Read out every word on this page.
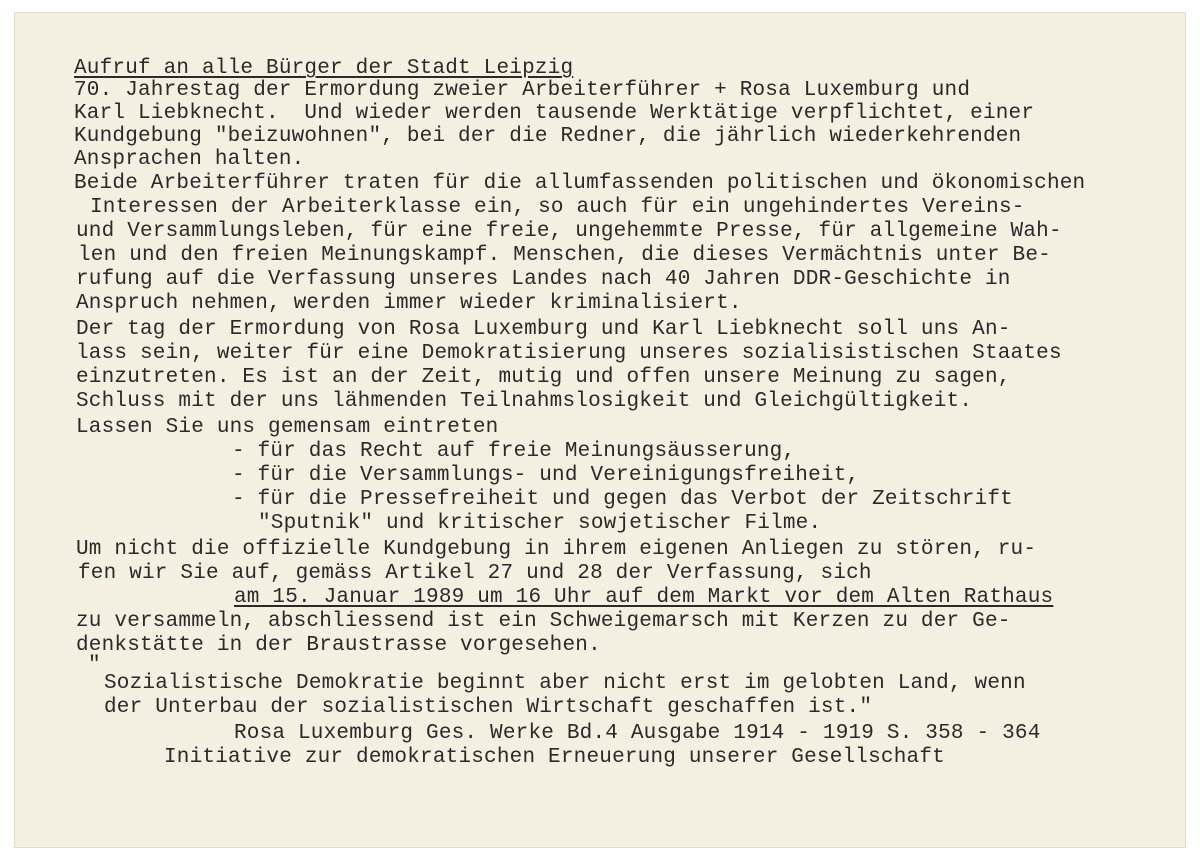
Aufruf an alle Bürger der Stadt Leipzig
70. Jahrestag der Ermordung zweier Arbeiterführer + Rosa Luxemburg und
Karl Liebknecht.  Und wieder werden tausende Werktätige verpflichtet, einer
Kundgebung "beizuwohnen", bei der die Redner, die jährlich wiederkehrenden
Ansprachen halten.
Beide Arbeiterführer traten für die allumfassenden politischen und ökonomischen
Interessen der Arbeiterklasse ein, so auch für ein ungehindertes Vereins-
und Versammlungsleben, für eine freie, ungehemmte Presse, für allgemeine Wah-
len und den freien Meinungskampf. Menschen, die dieses Vermächtnis unter Be-
rufung auf die Verfassung unseres Landes nach 40 Jahren DDR-Geschichte in
Anspruch nehmen, werden immer wieder kriminalisiert.
Der tag der Ermordung von Rosa Luxemburg und Karl Liebknecht soll uns An-
lass sein, weiter für eine Demokratisierung unseres sozialisistischen Staates
einzutreten. Es ist an der Zeit, mutig und offen unsere Meinung zu sagen,
Schluss mit der uns lähmenden Teilnahmslosigkeit und Gleichgültigkeit.
Lassen Sie uns gemensam eintreten
- für das Recht auf freie Meinungsäusserung,
- für die Versammlungs- und Vereinigungsfreiheit,
- für die Pressefreiheit und gegen das Verbot der Zeitschrift
"Sputnik" und kritischer sowjetischer Filme.
Um nicht die offizielle Kundgebung in ihrem eigenen Anliegen zu stören, ru-
fen wir Sie auf, gemäss Artikel 27 und 28 der Verfassung, sich
am 15. Januar 1989 um 16 Uhr auf dem Markt vor dem Alten Rathaus
zu versammeln, abschliessend ist ein Schweigemarsch mit Kerzen zu der Ge-
denkstätte in der Braustrasse vorgesehen.
"
Sozialistische Demokratie beginnt aber nicht erst im gelobten Land, wenn
der Unterbau der sozialistischen Wirtschaft geschaffen ist."
Rosa Luxemburg Ges. Werke Bd.4 Ausgabe 1914 - 1919 S. 358 - 364
Initiative zur demokratischen Erneuerung unserer Gesellschaft
